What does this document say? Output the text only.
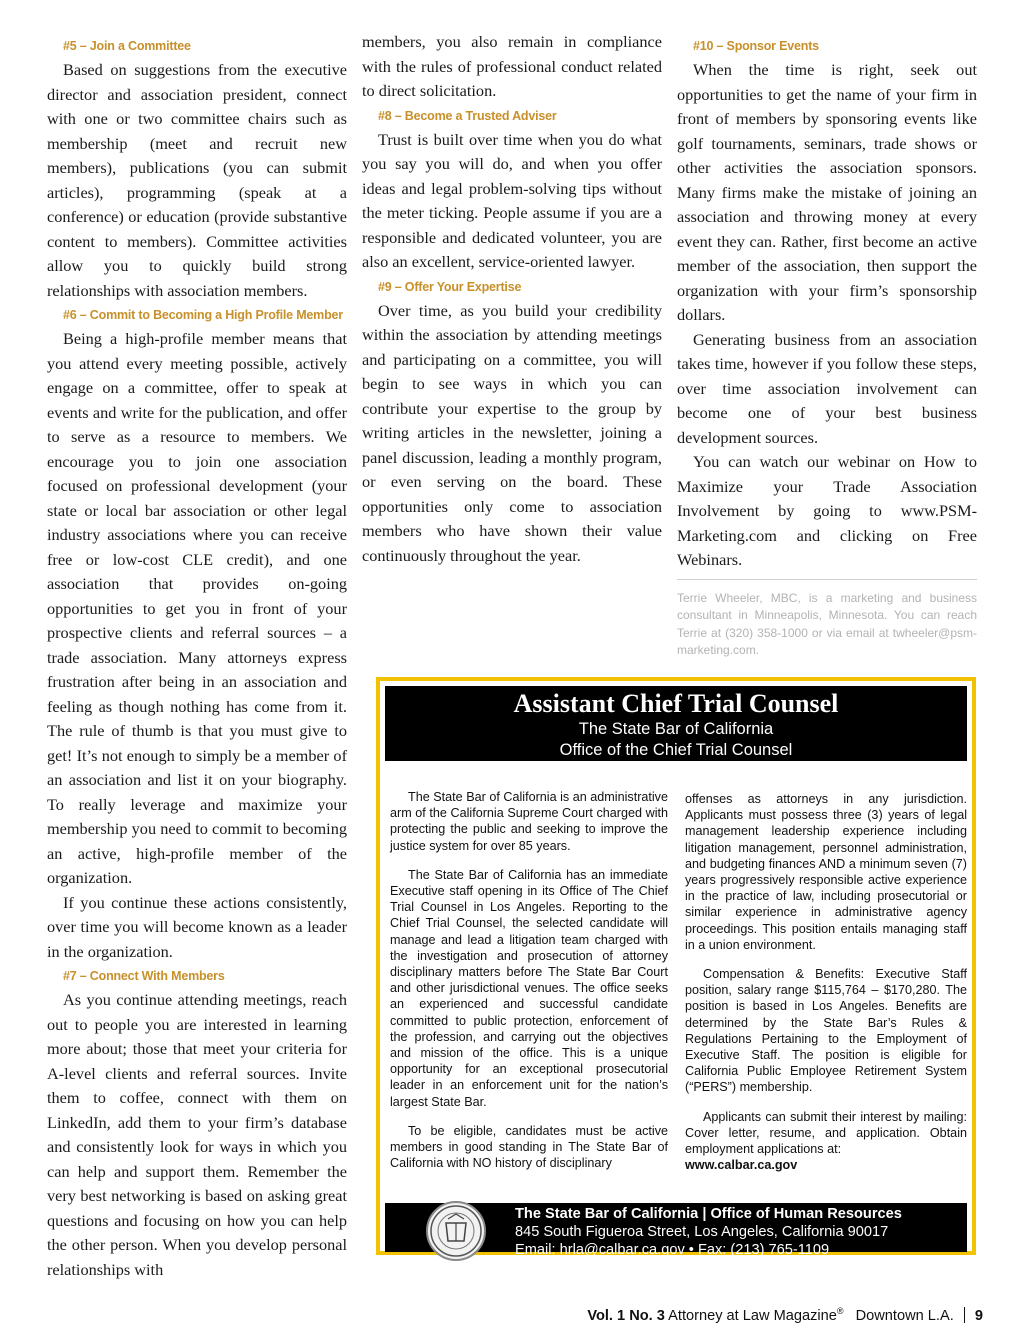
#5 – Join a Committee

Based on suggestions from the executive director and association president, connect with one or two committee chairs such as membership (meet and recruit new members), publications (you can submit articles), programming (speak at a conference) or education (provide substantive content to members). Committee activities allow you to quickly build strong relationships with association members.

#6 – Commit to Becoming a High Profile Member

Being a high-profile member means that you attend every meeting possible, actively engage on a committee, offer to speak at events and write for the publication, and offer to serve as a resource to members. We encourage you to join one association focused on professional development (your state or local bar association or other legal industry associations where you can receive free or low-cost CLE credit), and one association that provides on-going opportunities to get you in front of your prospective clients and referral sources – a trade association. Many attorneys express frustration after being in an association and feeling as though nothing has come from it. The rule of thumb is that you must give to get! It’s not enough to simply be a member of an association and list it on your biography. To really leverage and maximize your membership you need to commit to becoming an active, high-profile member of the organization.

If you continue these actions consistently, over time you will become known as a leader in the organization.

#7 – Connect With Members

As you continue attending meetings, reach out to people you are interested in learning more about; those that meet your criteria for A-level clients and referral sources. Invite them to coffee, connect with them on LinkedIn, add them to your firm’s database and consistently look for ways in which you can help and support them. Remember the very best networking is based on asking great questions and focusing on how you can help the other person. When you develop personal relationships with

members, you also remain in compliance with the rules of professional conduct related to direct solicitation.

#8 – Become a Trusted Adviser

Trust is built over time when you do what you say you will do, and when you offer ideas and legal problem-solving tips without the meter ticking. People assume if you are a responsible and dedicated volunteer, you are also an excellent, service-oriented lawyer.

#9 – Offer Your Expertise

Over time, as you build your credibility within the association by attending meetings and participating on a committee, you will begin to see ways in which you can contribute your expertise to the group by writing articles in the newsletter, joining a panel discussion, leading a monthly program, or even serving on the board. These opportunities only come to association members who have shown their value continuously throughout the year.

#10 – Sponsor Events

When the time is right, seek out opportunities to get the name of your firm in front of members by sponsoring events like golf tournaments, seminars, trade shows or other activities the association sponsors. Many firms make the mistake of joining an association and throwing money at every event they can. Rather, first become an active member of the association, then support the organization with your firm’s sponsorship dollars.

Generating business from an association takes time, however if you follow these steps, over time association involvement can become one of your best business development sources.

You can watch our webinar on How to Maximize your Trade Association Involvement by going to www.PSM-Marketing.com and clicking on Free Webinars.

Terrie Wheeler, MBC, is a marketing and business consultant in Minneapolis, Minnesota. You can reach Terrie at (320) 358-1000 or via email at twheeler@psm-marketing.com.
Assistant Chief Trial Counsel
The State Bar of California
Office of the Chief Trial Counsel
Salary Range $115,764 – $170,280 DOE

The State Bar of California is an administrative arm of the California Supreme Court charged with protecting the public and seeking to improve the justice system for over 85 years.

The State Bar of California has an immediate Executive staff opening in its Office of The Chief Trial Counsel in Los Angeles. Reporting to the Chief Trial Counsel, the selected candidate will manage and lead a litigation team charged with the investigation and prosecution of attorney disciplinary matters before The State Bar Court and other jurisdictional venues. The office seeks an experienced and successful candidate committed to public protection, enforcement of the profession, and carrying out the objectives and mission of the office. This is a unique opportunity for an exceptional prosecutorial leader in an enforcement unit for the nation’s largest State Bar.

To be eligible, candidates must be active members in good standing in The State Bar of California with NO history of disciplinary

offenses as attorneys in any jurisdiction. Applicants must possess three (3) years of legal management leadership experience including litigation management, personnel administration, and budgeting finances AND a minimum seven (7) years progressively responsible active experience in the practice of law, including prosecutorial or similar experience in administrative agency proceedings. This position entails managing staff in a union environment.

Compensation & Benefits: Executive Staff position, salary range $115,764 – $170,280. The position is based in Los Angeles. Benefits are determined by the State Bar’s Rules & Regulations Pertaining to the Employment of Executive Staff. The position is eligible for California Public Employee Retirement System (“PERS”) membership.

Applicants can submit their interest by mailing: Cover letter, resume, and application. Obtain employment applications at:

www.calbar.ca.gov
The State Bar of California | Office of Human Resources
845 South Figueroa Street, Los Angeles, California 90017
Email: hrla@calbar.ca.gov • Fax: (213) 765-1109
Vol. 1 No. 3 Attorney at Law Magazine® Downtown L.A. 9
